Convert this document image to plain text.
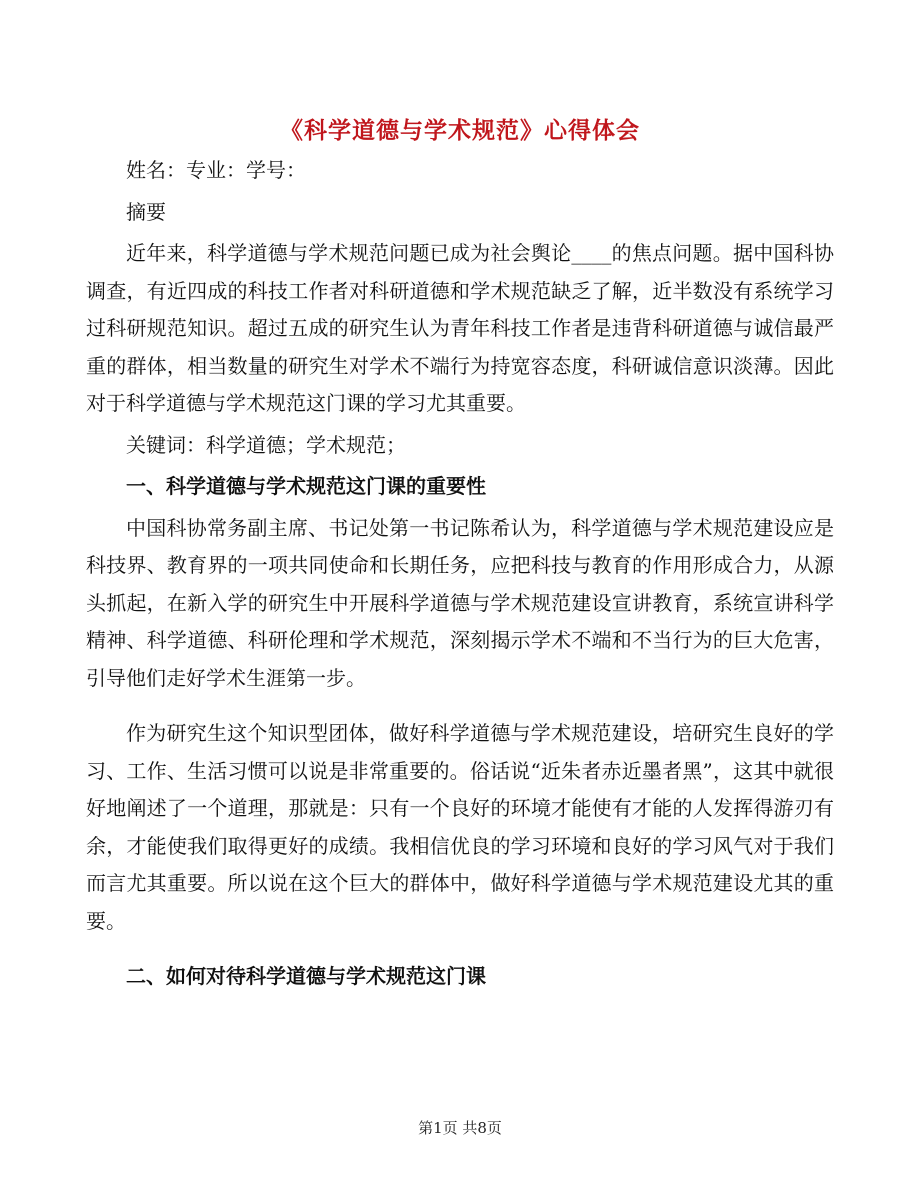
《科学道德与学术规范》心得体会

姓名：专业：学号：

摘要

近年来，科学道德与学术规范问题已成为社会舆论____的焦点问题。据中国科协调查，有近四成的科技工作者对科研道德和学术规范缺乏了解，近半数没有系统学习过科研规范知识。超过五成的研究生认为青年科技工作者是违背科研道德与诚信最严重的群体，相当数量的研究生对学术不端行为持宽容态度，科研诚信意识淡薄。因此对于科学道德与学术规范这门课的学习尤其重要。

关键词：科学道德；学术规范；

一、科学道德与学术规范这门课的重要性

中国科协常务副主席、书记处第一书记陈希认为，科学道德与学术规范建设应是科技界、教育界的一项共同使命和长期任务，应把科技与教育的作用形成合力，从源头抓起，在新入学的研究生中开展科学道德与学术规范建设宣讲教育，系统宣讲科学精神、科学道德、科研伦理和学术规范，深刻揭示学术不端和不当行为的巨大危害，引导他们走好学术生涯第一步。

作为研究生这个知识型团体，做好科学道德与学术规范建设，培研究生良好的学习、工作、生活习惯可以说是非常重要的。俗话说“近朱者赤近墨者黑”，这其中就很好地阐述了一个道理，那就是：只有一个良好的环境才能使有才能的人发挥得游刃有余，才能使我们取得更好的成绩。我相信优良的学习环境和良好的学习风气对于我们而言尤其重要。所以说在这个巨大的群体中，做好科学道德与学术规范建设尤其的重要。

二、如何对待科学道德与学术规范这门课
第1页 共8页
